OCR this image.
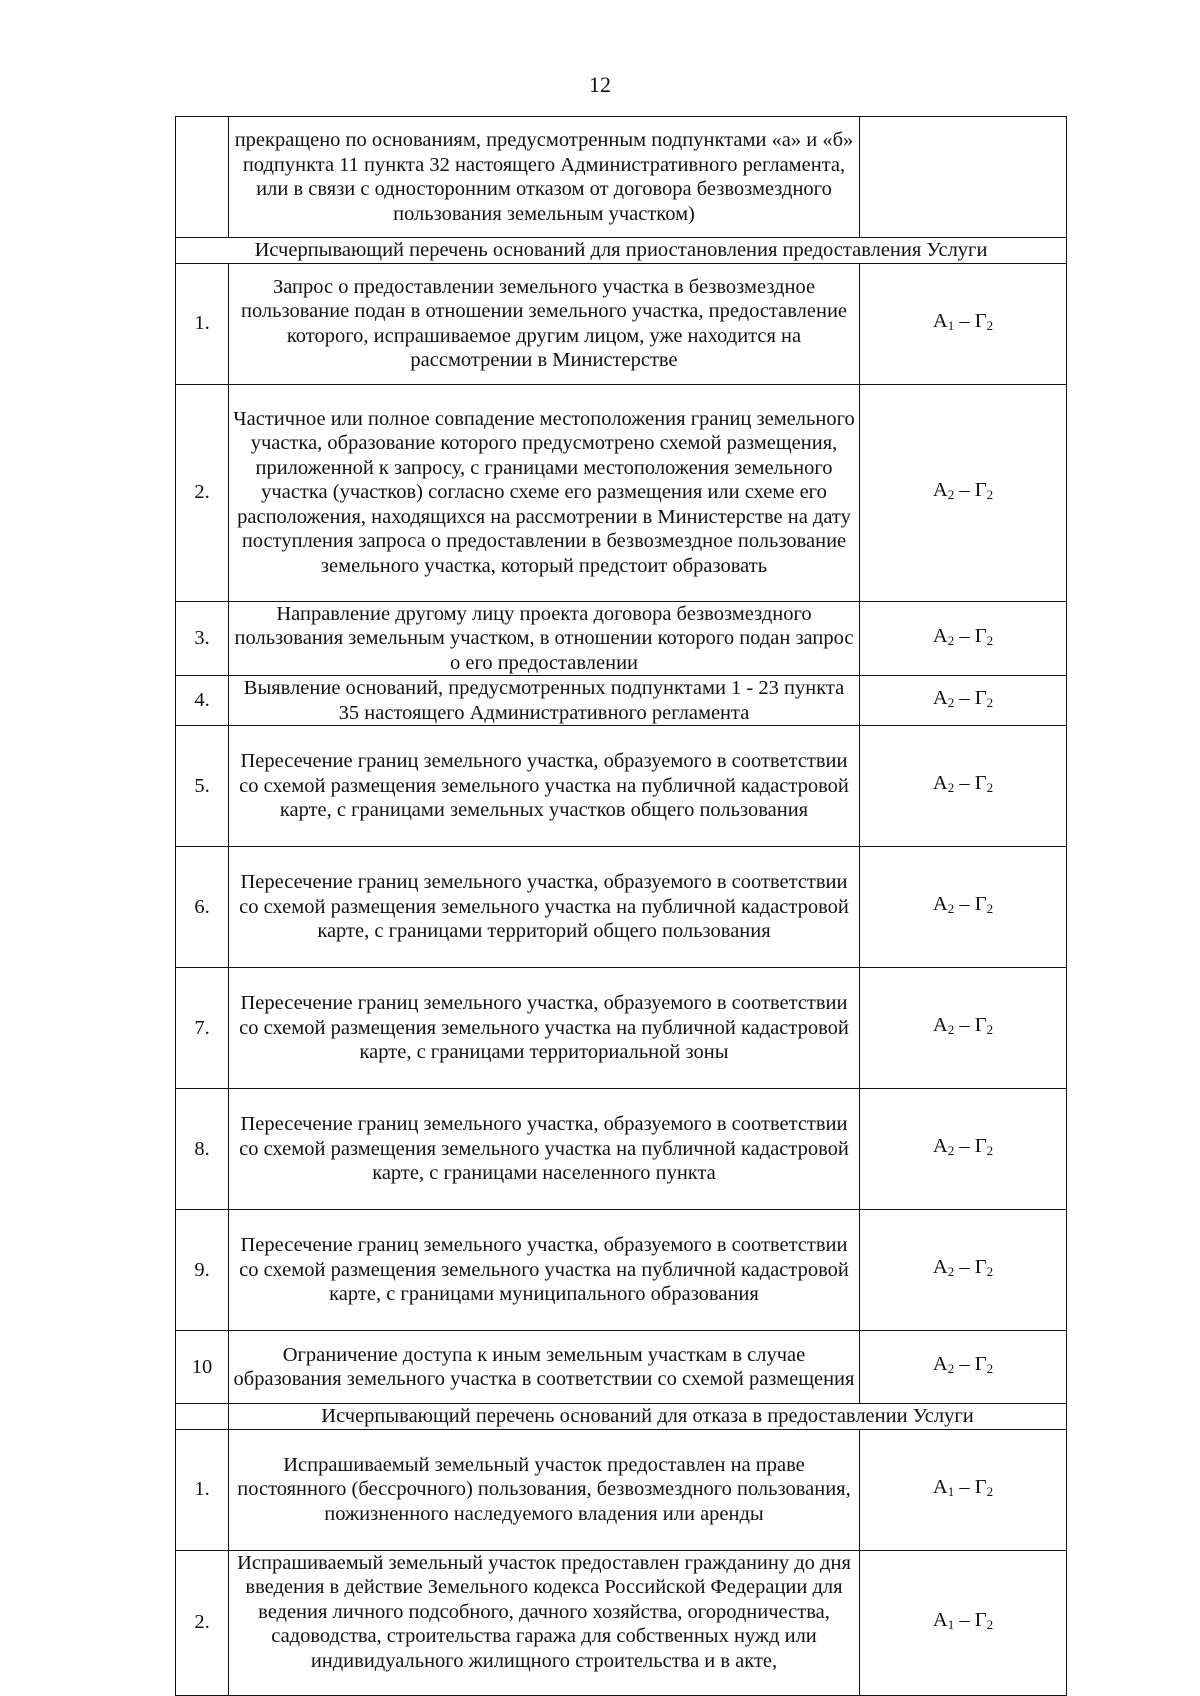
12
	прекращено по основаниям, предусмотренным подпунктами «а» и «б» подпункта 11 пункта 32 настоящего Административного регламента, или в связи с односторонним отказом от договора безвозмездного пользования земельным участком)	
Исчерпывающий перечень оснований для приостановления предоставления Услуги		
1.	Запрос о предоставлении земельного участка в безвозмездное пользование подан в отношении земельного участка, предоставление которого, испрашиваемое другим лицом, уже находится на рассмотрении в Министерстве	$А_1 - Г_2$
2.	Частичное или полное совпадение местоположения границ земельного участка, образование которого предусмотрено схемой размещения, приложенной к запросу, с границами местоположения земельного участка (участков) согласно схеме его размещения или схеме его расположения, находящихся на рассмотрении в Министерстве на дату поступления запроса о предоставлении в безвозмездное пользование земельного участка, который предстоит образовать	$А_2 - Г_2$
3.	Направление другому лицу проекта договора безвозмездного пользования земельным участком, в отношении которого подан запрос о его предоставлении	$А_2 - Г_2$
4.	Выявление оснований, предусмотренных подпунктами 1 - 23 пункта 35 настоящего Административного регламента	$А_2 - Г_2$
5.	Пересечение границ земельного участка, образуемого в соответствии со схемой размещения земельного участка на публичной кадастровой карте, с границами земельных участков общего пользования	$А_2 - Г_2$
6.	Пересечение границ земельного участка, образуемого в соответствии со схемой размещения земельного участка на публичной кадастровой карте, с границами территорий общего пользования	$А_2 - Г_2$
7.	Пересечение границ земельного участка, образуемого в соответствии со схемой размещения земельного участка на публичной кадастровой карте, с границами территориальной зоны	$А_2 - Г_2$
8.	Пересечение границ земельного участка, образуемого в соответствии со схемой размещения земельного участка на публичной кадастровой карте, с границами населенного пункта	$А_2 - Г_2$
9.	Пересечение границ земельного участка, образуемого в соответствии со схемой размещения земельного участка на публичной кадастровой карте, с границами муниципального образования	$А_2 - Г_2$
10	Ограничение доступа к иным земельным участкам в случае образования земельного участка в соответствии со схемой размещения	$А_2 - Г_2$
	Исчерпывающий перечень оснований для отказа в предоставлении Услуги	
1.	Испрашиваемый земельный участок предоставлен на праве постоянного (бессрочного) пользования, безвозмездного пользования, пожизненного наследуемого владения или аренды	$А_1 - Г_2$
2.	Испрашиваемый земельный участок предоставлен гражданину до дня введения в действие Земельного кодекса Российской Федерации для ведения личного подсобного, дачного хозяйства, огородничества, садоводства, строительства гаража для собственных нужд или индивидуального жилищного строительства и в акте,	$А_1 - Г_2$
